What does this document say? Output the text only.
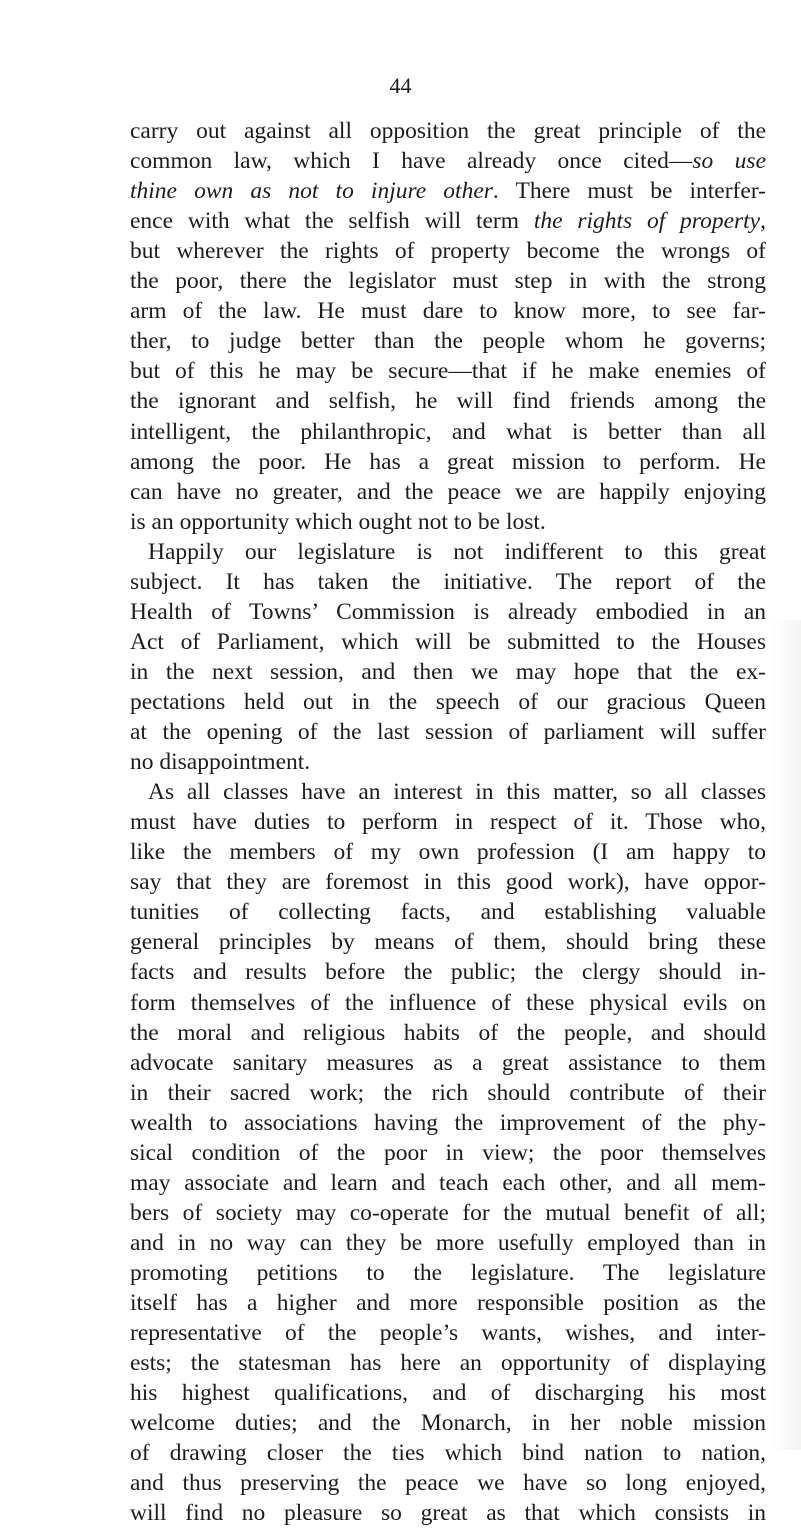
44
carry out against all opposition the great principle of the
common law, which I have already once cited—so use
thine own as not to injure other. There must be interfer-
ence with what the selfish will term the rights of property,
but wherever the rights of property become the wrongs of
the poor, there the legislator must step in with the strong
arm of the law. He must dare to know more, to see far-
ther, to judge better than the people whom he governs;
but of this he may be secure—that if he make enemies of
the ignorant and selfish, he will find friends among the
intelligent, the philanthropic, and what is better than all
among the poor. He has a great mission to perform. He
can have no greater, and the peace we are happily enjoying
is an opportunity which ought not to be lost.
Happily our legislature is not indifferent to this great
subject. It has taken the initiative. The report of the
Health of Towns’ Commission is already embodied in an
Act of Parliament, which will be submitted to the Houses
in the next session, and then we may hope that the ex-
pectations held out in the speech of our gracious Queen
at the opening of the last session of parliament will suffer
no disappointment.
As all classes have an interest in this matter, so all classes
must have duties to perform in respect of it. Those who,
like the members of my own profession (I am happy to
say that they are foremost in this good work), have oppor-
tunities of collecting facts, and establishing valuable
general principles by means of them, should bring these
facts and results before the public; the clergy should in-
form themselves of the influence of these physical evils on
the moral and religious habits of the people, and should
advocate sanitary measures as a great assistance to them
in their sacred work; the rich should contribute of their
wealth to associations having the improvement of the phy-
sical condition of the poor in view; the poor themselves
may associate and learn and teach each other, and all mem-
bers of society may co-operate for the mutual benefit of all;
and in no way can they be more usefully employed than in
promoting petitions to the legislature. The legislature
itself has a higher and more responsible position as the
representative of the people’s wants, wishes, and inter-
ests; the statesman has here an opportunity of displaying
his highest qualifications, and of discharging his most
welcome duties; and the Monarch, in her noble mission
of drawing closer the ties which bind nation to nation,
and thus preserving the peace we have so long enjoyed,
will find no pleasure so great as that which consists in
